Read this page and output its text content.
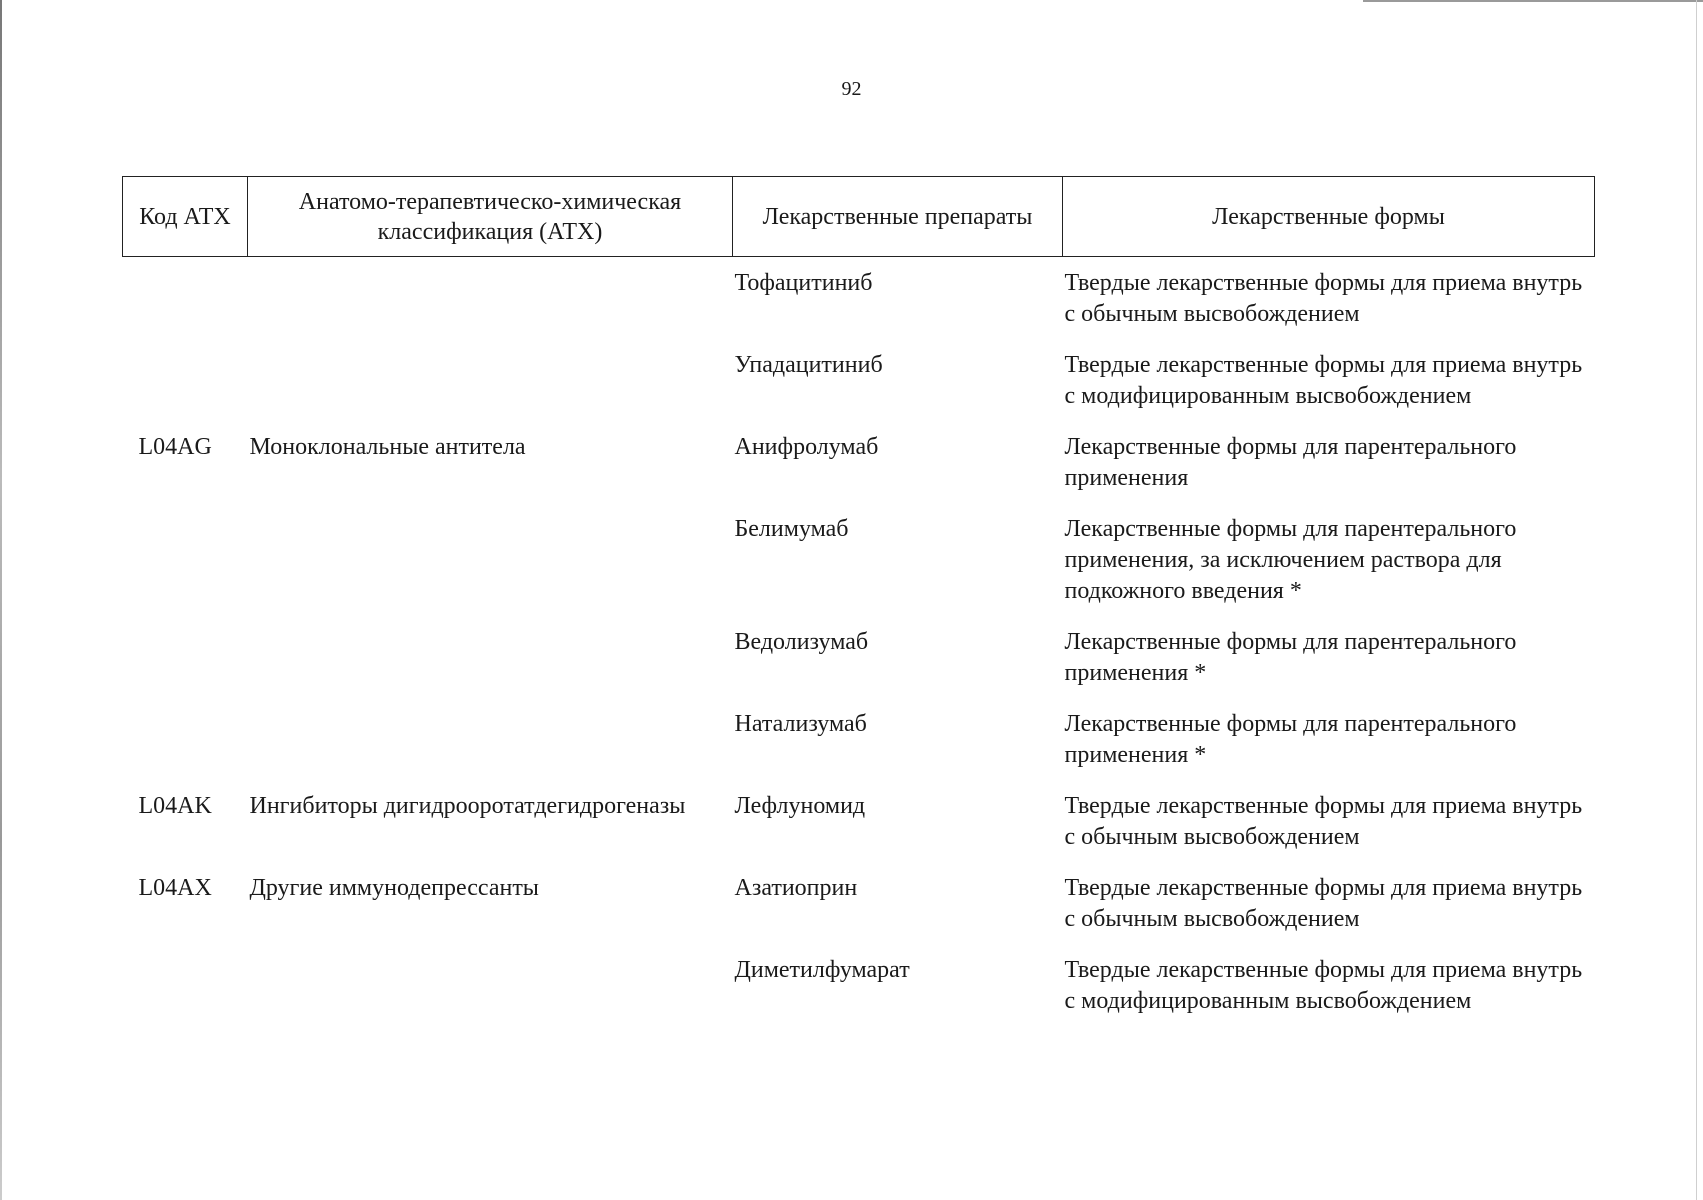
92
Код АТХ	Анатомо-терапевтическо-химическая классификация (АТХ)	Лекарственные препараты	Лекарственные формы
		Тофацитиниб	Твердые лекарственные формы для приема внутрь с обычным высвобождением
		Упадацитиниб	Твердые лекарственные формы для приема внутрь с модифицированным высвобождением
L04AG	Моноклональные антитела	Анифролумаб	Лекарственные формы для парентерального применения
		Белимумаб	Лекарственные формы для парентерального применения, за исключением раствора для подкожного введения *
		Ведолизумаб	Лекарственные формы для парентерального применения *
		Натализумаб	Лекарственные формы для парентерального применения *
L04AK	Ингибиторы дигидрооротатдегидрогеназы	Лефлуномид	Твердые лекарственные формы для приема внутрь с обычным высвобождением
L04AX	Другие иммунодепрессанты	Азатиоприн	Твердые лекарственные формы для приема внутрь с обычным высвобождением
		Диметилфумарат	Твердые лекарственные формы для приема внутрь с модифицированным высвобождением
